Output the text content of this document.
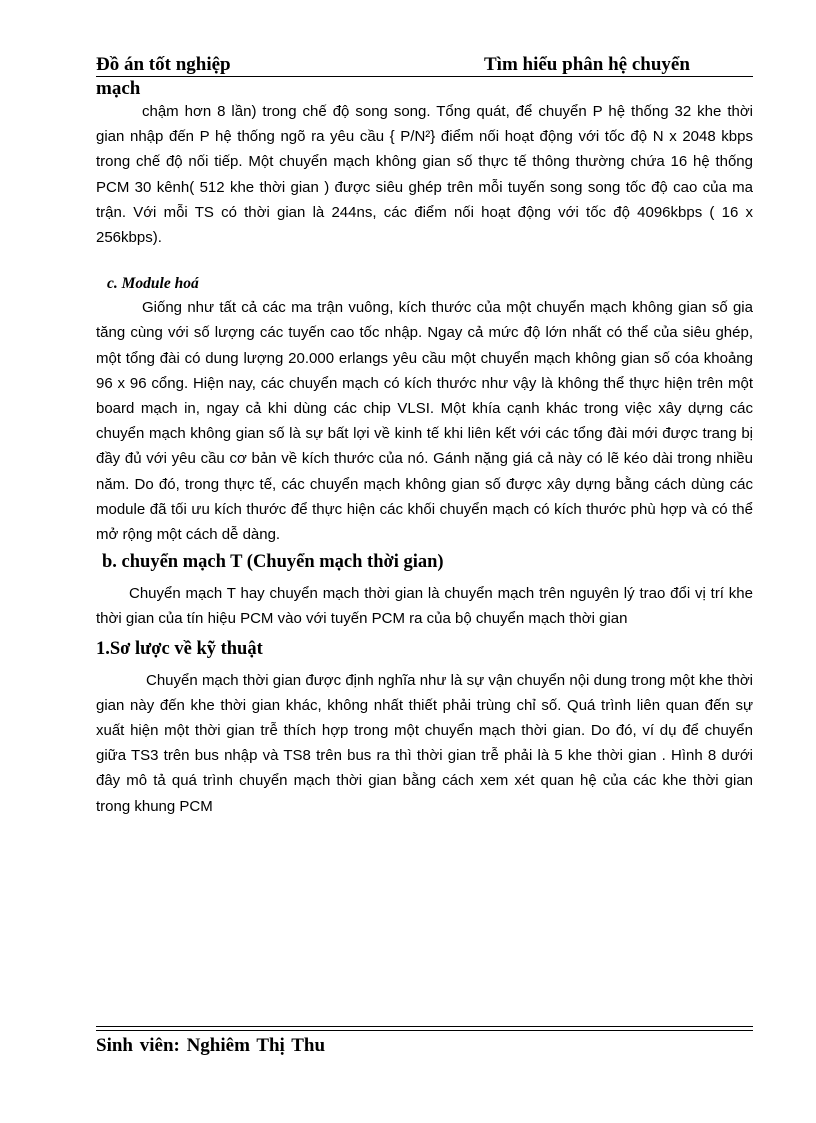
Đồ án tốt nghiệp	Tìm hiểu phân hệ chuyển
mạch

chậm hơn 8 lần) trong chế độ song song. Tổng quát, để chuyển P hệ thống 32 khe thời gian nhập đến P hệ thống ngõ ra yêu cầu { P/N²} điểm nối hoạt động với tốc độ N x 2048 kbps trong chế độ nối tiếp. Một chuyển mạch không gian số thực tế thông thường chứa 16 hệ thống PCM 30 kênh( 512 khe thời gian ) được siêu ghép trên mỗi tuyến song song tốc độ cao của ma trận. Với mỗi TS có thời gian là 244ns, các điểm nối hoạt động với tốc độ 4096kbps ( 16 x 256kbps).

c. Module hoá

Giống như tất cả các ma trận vuông, kích thước của một chuyển mạch không gian số gia tăng cùng với số lượng các tuyến cao tốc nhập. Ngay cả mức độ lớn nhất có thể của siêu ghép, một tổng đài có dung lượng 20.000 erlangs yêu cầu một chuyển mạch không gian số cóa khoảng 96 x 96 cổng. Hiện nay, các chuyển mạch có kích thước như vậy là không thể thực hiện trên một board mạch in, ngay cả khi dùng các chip VLSI. Một khía cạnh khác trong việc xây dựng các chuyển mạch không gian số là sự bất lợi về kinh tế khi liên kết với các tổng đài mới được trang bị đầy đủ với yêu cầu cơ bản về kích thước của nó. Gánh nặng giá cả này có lẽ kéo dài trong nhiều năm. Do đó, trong thực tế, các chuyển mạch không gian số được xây dựng bằng cách dùng các module đã tối ưu kích thước để thực hiện các khối chuyển mạch có kích thước phù hợp và có thể mở rộng một cách dễ dàng.

b. chuyển mạch T (Chuyển mạch thời gian)

Chuyển mạch T hay chuyển mạch thời gian là chuyển mạch trên nguyên lý trao đổi vị trí khe thời gian của tín hiệu PCM vào với tuyến PCM ra của bộ chuyển mạch thời gian

1.Sơ lược về kỹ thuật

Chuyển mạch thời gian được định nghĩa như là sự vận chuyển nội dung trong một khe thời gian này đến khe thời gian khác, không nhất thiết phải trùng chỉ số. Quá trình liên quan đến sự xuất hiện một thời gian trễ thích hợp trong một chuyển mạch thời gian. Do đó, ví dụ để chuyển giữa TS3 trên bus nhập và TS8 trên bus ra thì thời gian trễ phải là 5 khe thời gian . Hình 8 dưới đây mô tả quá trình chuyển mạch thời gian bằng cách xem xét quan hệ của các khe thời gian trong khung PCM

Sinh viên: Nghiêm Thị Thu
